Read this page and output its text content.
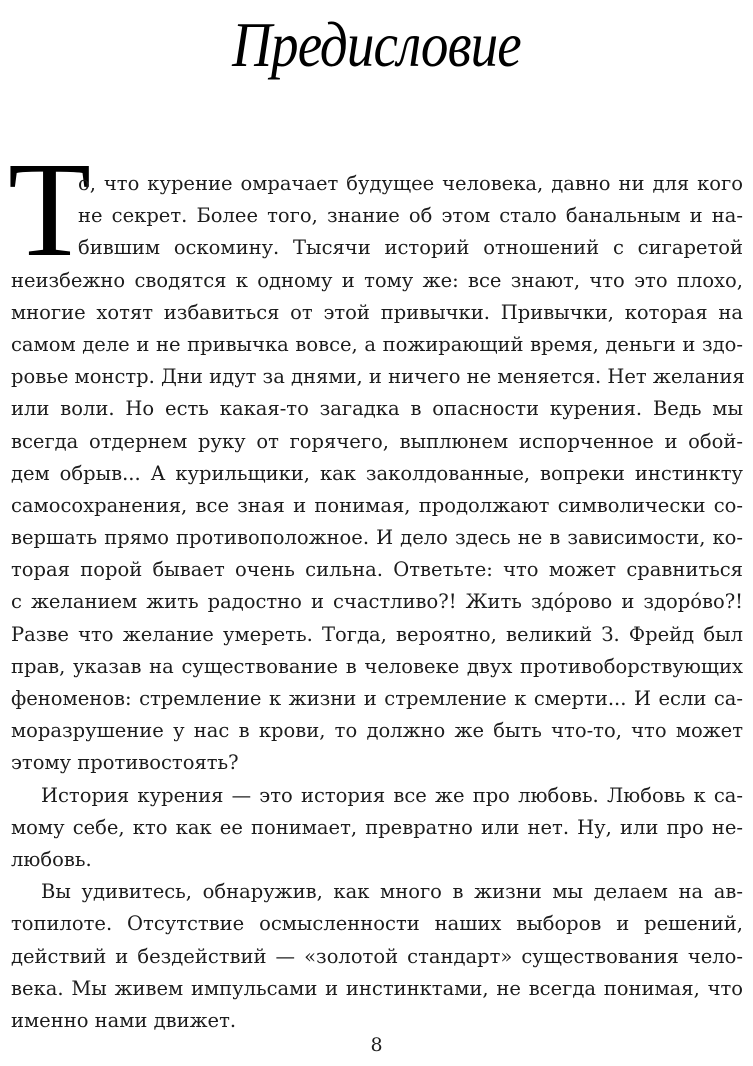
Предисловие
Т
о, что курение омрачает будущее человека, давно ни для кого
не секрет. Более того, знание об этом стало банальным и на-
бившим оскомину. Тысячи историй отношений с сигаретой
неизбежно сводятся к одному и тому же: все знают, что это плохо,
многие хотят избавиться от этой привычки. Привычки, которая на
самом деле и не привычка вовсе, а пожирающий время, деньги и здо-
ровье монстр. Дни идут за днями, и ничего не меняется. Нет желания
или воли. Но есть какая-то загадка в опасности курения. Ведь мы
всегда отдернем руку от горячего, выплюнем испорченное и обой-
дем обрыв... А курильщики, как заколдованные, вопреки инстинкту
самосохранения, все зная и понимая, продолжают символически со-
вершать прямо противоположное. И дело здесь не в зависимости, ко-
торая порой бывает очень сильна. Ответьте: что может сравниться
с желанием жить радостно и счастливо?! Жить здо́рово и здоро́во?!
Разве что желание умереть. Тогда, вероятно, великий З. Фрейд был
прав, указав на существование в человеке двух противоборствующих
феноменов: стремление к жизни и стремление к смерти... И если са-
моразрушение у нас в крови, то должно же быть что-то, что может
этому противостоять?
История курения — это история все же про любовь. Любовь к са-
мому себе, кто как ее понимает, превратно или нет. Ну, или про не-
любовь.
Вы удивитесь, обнаружив, как много в жизни мы делаем на ав-
топилоте. Отсутствие осмысленности наших выборов и решений,
действий и бездействий — «золотой стандарт» существования чело-
века. Мы живем импульсами и инстинктами, не всегда понимая, что
именно нами движет.
8
